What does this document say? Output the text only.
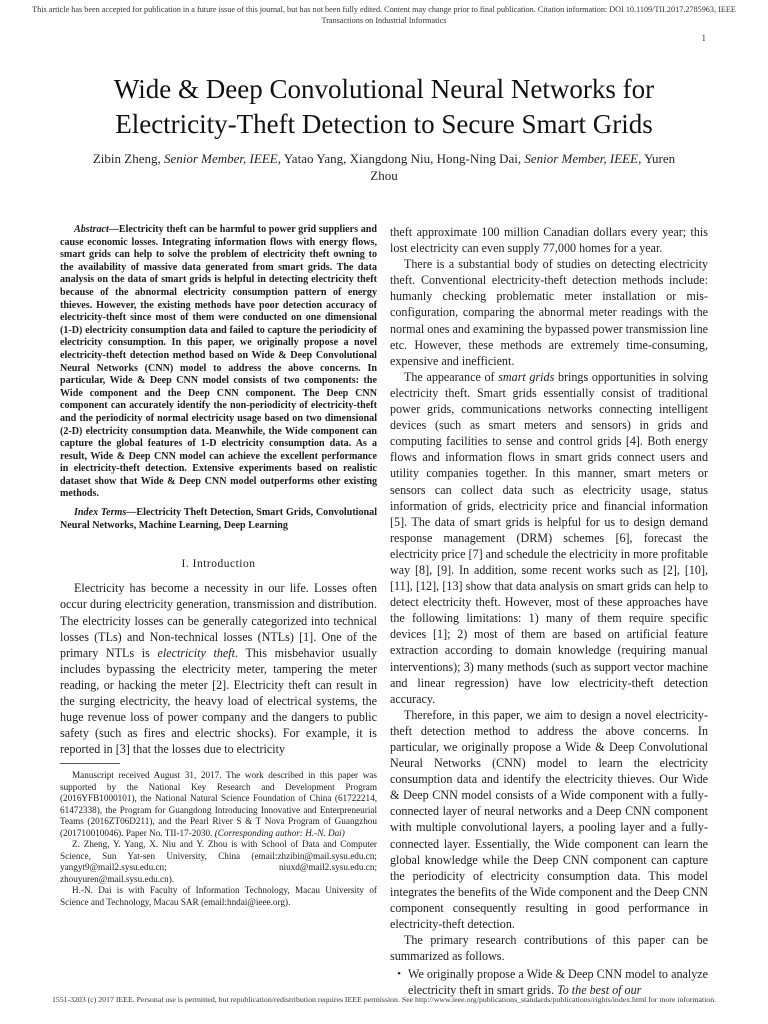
This article has been accepted for publication in a future issue of this journal, but has not been fully edited. Content may change prior to final publication. Citation information: DOI 10.1109/TII.2017.2785963, IEEE
Transactions on Industrial Informatics
1
Wide & Deep Convolutional Neural Networks for
Electricity-Theft Detection to Secure Smart Grids
Zibin Zheng, Senior Member, IEEE, Yatao Yang, Xiangdong Niu, Hong-Ning Dai, Senior Member, IEEE, Yuren
Zhou

Abstract—Electricity theft can be harmful to power grid suppliers and cause economic losses. Integrating information flows with energy flows, smart grids can help to solve the problem of electricity theft owning to the availability of massive data generated from smart grids. The data analysis on the data of smart grids is helpful in detecting electricity theft because of the abnormal electricity consumption pattern of energy thieves. However, the existing methods have poor detection accuracy of electricity-theft since most of them were conducted on one dimensional (1-D) electricity consumption data and failed to capture the periodicity of electricity consumption. In this paper, we originally propose a novel electricity-theft detection method based on Wide & Deep Convolutional Neural Networks (CNN) model to address the above concerns. In particular, Wide & Deep CNN model consists of two components: the Wide component and the Deep CNN component. The Deep CNN component can accurately identify the non-periodicity of electricity-theft and the periodicity of normal electricity usage based on two dimensional (2-D) electricity consumption data. Meanwhile, the Wide component can capture the global features of 1-D electricity consumption data. As a result, Wide & Deep CNN model can achieve the excellent performance in electricity-theft detection. Extensive experiments based on realistic dataset show that Wide & Deep CNN model outperforms other existing methods.

Index Terms—Electricity Theft Detection, Smart Grids, Convolutional Neural Networks, Machine Learning, Deep Learning

I. Introduction

Electricity has become a necessity in our life. Losses often occur during electricity generation, transmission and distribution. The electricity losses can be generally categorized into technical losses (TLs) and Non-technical losses (NTLs) [1]. One of the primary NTLs is electricity theft. This misbehavior usually includes bypassing the electricity meter, tampering the meter reading, or hacking the meter [2]. Electricity theft can result in the surging electricity, the heavy load of electrical systems, the huge revenue loss of power company and the dangers to public safety (such as fires and electric shocks). For example, it is reported in [3] that the losses due to electricity

Manuscript received August 31, 2017. The work described in this paper was supported by the National Key Research and Development Program (2016YFB1000101), the National Natural Science Foundation of China (61722214, 61472338), the Program for Guangdong Introducing Innovative and Enterpreneurial Teams (2016ZT06D211), and the Pearl River S & T Nova Program of Guangzhou (201710010046). Paper No. TII-17-2030. (Corresponding author: H.-N. Dai)

Z. Zheng, Y. Yang, X. Niu and Y. Zhou is with School of Data and Computer Science, Sun Yat-sen University, China (email:zhzibin@mail.sysu.edu.cn; yangyt9@mail2.sysu.edu.cn; niuxd@mail2.sysu.edu.cn; zhouyuren@mail.sysu.edu.cn).

H.-N. Dai is with Faculty of Information Technology, Macau University of Science and Technology, Macau SAR (email:hndai@ieee.org).

theft approximate 100 million Canadian dollars every year; this lost electricity can even supply 77,000 homes for a year.

There is a substantial body of studies on detecting electricity theft. Conventional electricity-theft detection methods include: humanly checking problematic meter installation or mis-configuration, comparing the abnormal meter readings with the normal ones and examining the bypassed power transmission line etc. However, these methods are extremely time-consuming, expensive and inefficient.

The appearance of smart grids brings opportunities in solving electricity theft. Smart grids essentially consist of traditional power grids, communications networks connecting intelligent devices (such as smart meters and sensors) in grids and computing facilities to sense and control grids [4]. Both energy flows and information flows in smart grids connect users and utility companies together. In this manner, smart meters or sensors can collect data such as electricity usage, status information of grids, electricity price and financial information [5]. The data of smart grids is helpful for us to design demand response management (DRM) schemes [6], forecast the electricity price [7] and schedule the electricity in more profitable way [8], [9]. In addition, some recent works such as [2], [10], [11], [12], [13] show that data analysis on smart grids can help to detect electricity theft. However, most of these approaches have the following limitations: 1) many of them require specific devices [1]; 2) most of them are based on artificial feature extraction according to domain knowledge (requiring manual interventions); 3) many methods (such as support vector machine and linear regression) have low electricity-theft detection accuracy.

Therefore, in this paper, we aim to design a novel electricity-theft detection method to address the above concerns. In particular, we originally propose a Wide & Deep Convolutional Neural Networks (CNN) model to learn the electricity consumption data and identify the electricity thieves. Our Wide & Deep CNN model consists of a Wide component with a fully-connected layer of neural networks and a Deep CNN component with multiple convolutional layers, a pooling layer and a fully-connected layer. Essentially, the Wide component can learn the global knowledge while the Deep CNN component can capture the periodicity of electricity consumption data. This model integrates the benefits of the Wide component and the Deep CNN component consequently resulting in good performance in electricity-theft detection.

The primary research contributions of this paper can be summarized as follows.

• We originally propose a Wide & Deep CNN model to analyze electricity theft in smart grids. To the best of our
1551-3203 (c) 2017 IEEE. Personal use is permitted, but republication/redistribution requires IEEE permission. See http://www.ieee.org/publications_standards/publications/rights/index.html for more information.
